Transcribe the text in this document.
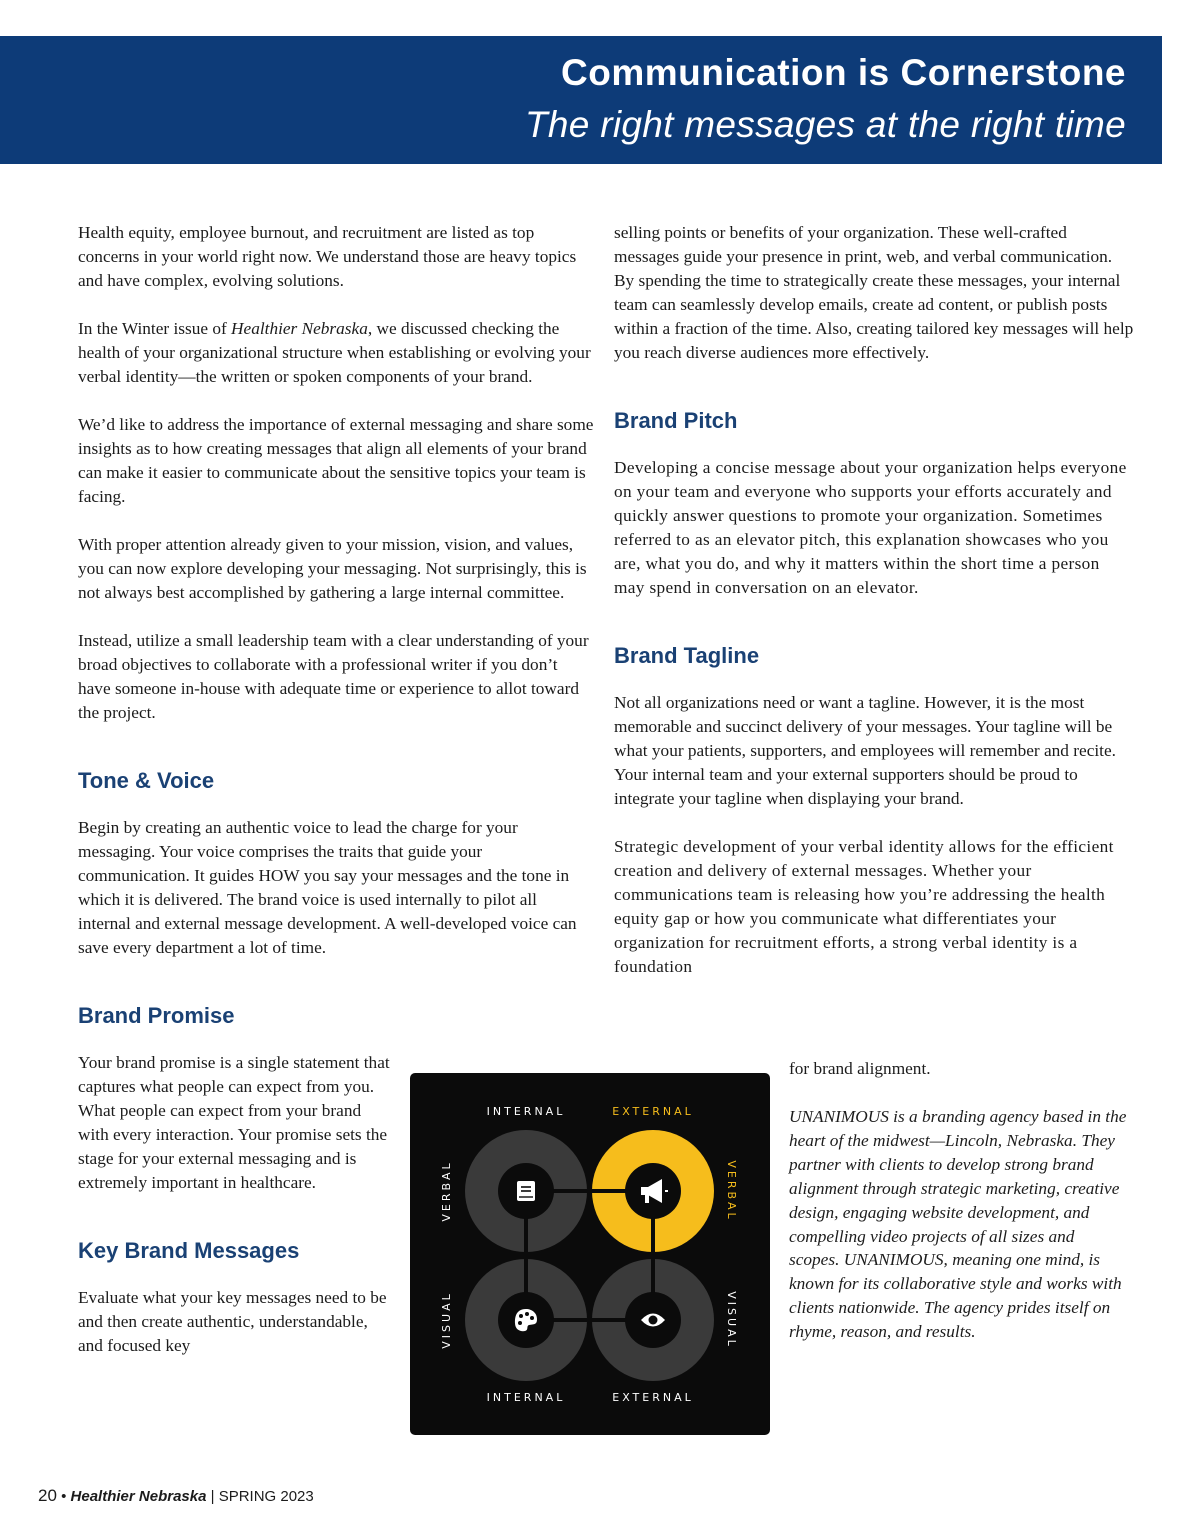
Communication is Cornerstone
The right messages at the right time

Health equity, employee burnout, and recruitment are listed as top concerns in your world right now. We understand those are heavy topics and have complex, evolving solutions.

In the Winter issue of Healthier Nebraska, we discussed checking the health of your organizational structure when establishing or evolving your verbal identity—the written or spoken components of your brand.

We’d like to address the importance of external messaging and share some insights as to how creating messages that align all elements of your brand can make it easier to communicate about the sensitive topics your team is facing.

With proper attention already given to your mission, vision, and values, you can now explore developing your messaging. Not surprisingly, this is not always best accomplished by gathering a large internal committee.

Instead, utilize a small leadership team with a clear understanding of your broad objectives to collaborate with a professional writer if you don’t have someone in-house with adequate time or experience to allot toward the project.

Tone & Voice

Begin by creating an authentic voice to lead the charge for your messaging. Your voice comprises the traits that guide your communication. It guides HOW you say your messages and the tone in which it is delivered. The brand voice is used internally to pilot all internal and external message development. A well-developed voice can save every department a lot of time.

Brand Promise

Your brand promise is a single statement that captures what people can expect from you. What people can expect from your brand with every interaction. Your promise sets the stage for your external messaging and is extremely important in healthcare.

Key Brand Messages

Evaluate what your key messages need to be and then create authentic, understandable, and focused key

selling points or benefits of your organization. These well-crafted messages guide your presence in print, web, and verbal communication. By spending the time to strategically create these messages, your internal team can seamlessly develop emails, create ad content, or publish posts within a fraction of the time. Also, creating tailored key messages will help you reach diverse audiences more effectively.

Brand Pitch

Developing a concise message about your organization helps everyone on your team and everyone who supports your efforts accurately and quickly answer questions to promote your organization. Sometimes referred to as an elevator pitch, this explanation showcases who you are, what you do, and why it matters within the short time a person may spend in conversation on an elevator.

Brand Tagline

Not all organizations need or want a tagline. However, it is the most memorable and succinct delivery of your messages. Your tagline will be what your patients, supporters, and employees will remember and recite. Your internal team and your external supporters should be proud to integrate your tagline when displaying your brand.

Strategic development of your verbal identity allows for the efficient creation and delivery of external messages. Whether your communications team is releasing how you’re addressing the health equity gap or how you communicate what differentiates your organization for recruitment efforts, a strong verbal identity is a foundation

for brand alignment.

INTERNAL	EXTERNAL
INTERNAL	EXTERNAL
VERBAL
VISUAL
VERBAL
VISUAL

UNANIMOUS is a branding agency based in the heart of the midwest—Lincoln, Nebraska. They partner with clients to develop strong brand alignment through strategic marketing, creative design, engaging website development, and compelling video projects of all sizes and scopes. UNANIMOUS, meaning one mind, is known for its collaborative style and works with clients nationwide. The agency prides itself on rhyme, reason, and results.

20 • Healthier Nebraska | SPRING 2023
